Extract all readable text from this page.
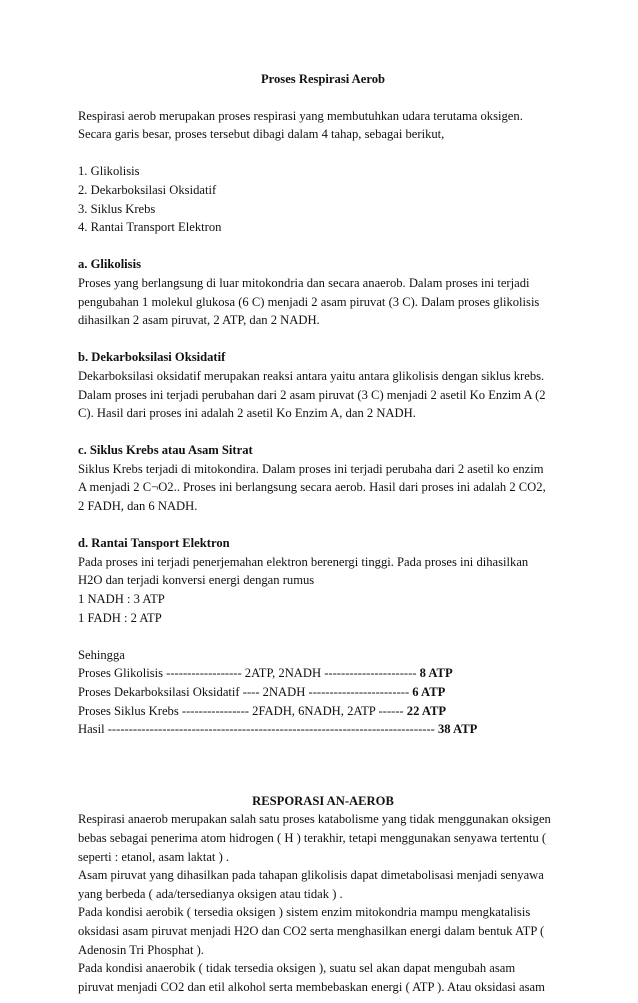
Proses Respirasi Aerob

Respirasi aerob merupakan proses respirasi yang membutuhkan udara terutama oksigen.

Secara garis besar, proses tersebut dibagi dalam 4 tahap, sebagai berikut,

1. Glikolisis

2. Dekarboksilasi Oksidatif

3. Siklus Krebs

4. Rantai Transport Elektron

a. Glikolisis

Proses yang berlangsung di luar mitokondria dan secara anaerob. Dalam proses ini terjadi

pengubahan 1 molekul glukosa (6 C) menjadi 2 asam piruvat (3 C). Dalam proses glikolisis

dihasilkan 2 asam piruvat, 2 ATP, dan 2 NADH.

b. Dekarboksilasi Oksidatif

Dekarboksilasi oksidatif merupakan reaksi antara yaitu antara glikolisis dengan siklus krebs.

Dalam proses ini terjadi perubahan dari 2 asam piruvat (3 C) menjadi 2 asetil Ko Enzim A (2

C). Hasil dari proses ini adalah 2 asetil Ko Enzim A, dan 2 NADH.

c. Siklus Krebs atau Asam Sitrat

Siklus Krebs terjadi di mitokondira. Dalam proses ini terjadi perubaha dari 2 asetil ko enzim

A menjadi 2 C¬O2.. Proses ini berlangsung secara aerob. Hasil dari proses ini adalah 2 CO2,

2 FADH, dan 6 NADH.

d. Rantai Tansport Elektron

Pada proses ini terjadi penerjemahan elektron berenergi tinggi. Pada proses ini dihasilkan

H2O dan terjadi konversi energi dengan rumus

1 NADH : 3 ATP

1 FADH : 2 ATP

Sehingga

Proses Glikolisis ------------------ 2ATP, 2NADH ---------------------- 8 ATP

Proses Dekarboksilasi Oksidatif ---- 2NADH ------------------------ 6 ATP

Proses Siklus Krebs ---------------- 2FADH, 6NADH, 2ATP ------ 22 ATP

Hasil ------------------------------------------------------------------------------ 38 ATP

RESPORASI AN-AEROB

Respirasi anaerob merupakan salah satu proses katabolisme yang tidak menggunakan oksigen

bebas sebagai penerima atom hidrogen ( H ) terakhir, tetapi menggunakan senyawa tertentu (

seperti : etanol, asam laktat ) .

Asam piruvat yang dihasilkan pada tahapan glikolisis dapat dimetabolisasi menjadi senyawa

yang berbeda ( ada/tersedianya oksigen atau tidak ) .

Pada kondisi aerobik ( tersedia oksigen ) sistem enzim mitokondria mampu mengkatalisis

oksidasi asam piruvat menjadi H2O dan CO2 serta menghasilkan energi dalam bentuk ATP (

Adenosin Tri Phosphat ).

Pada kondisi anaerobik ( tidak tersedia oksigen ), suatu sel akan dapat mengubah asam

piruvat menjadi CO2 dan etil alkohol serta membebaskan energi ( ATP ). Atau oksidasi asam
